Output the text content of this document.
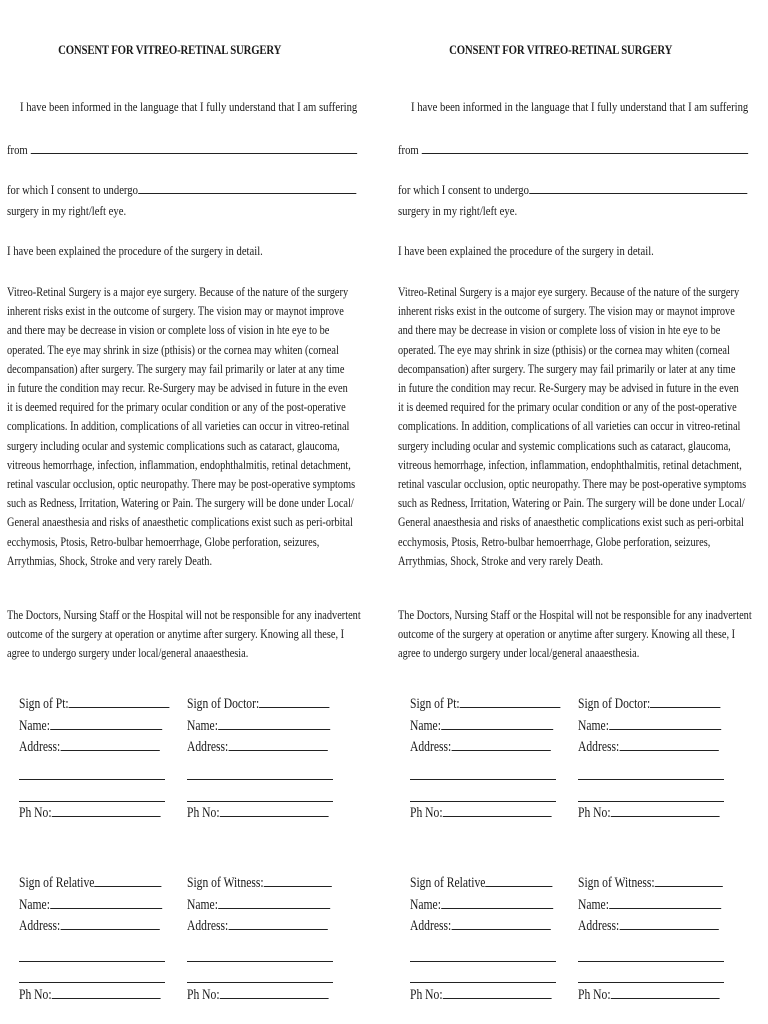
CONSENT FOR VITREO-RETINAL SURGERY
I have been informed in the language that I fully understand that I am suffering
from
for which I consent to undergo
surgery in my right/left eye.
I have been explained the procedure of the surgery in detail.
Vitreo-Retinal Surgery is a major eye surgery. Because of the nature of the surgery
inherent risks exist in the outcome of surgery. The vision may or maynot improve
and there may be decrease in vision or complete loss of vision in hte eye to be
operated. The eye may shrink in size (pthisis) or the cornea may whiten (corneal
decompansation) after surgery. The surgery may fail primarily or later at any time
in future the condition may recur. Re-Surgery may be advised in future in the even
it is deemed required for the primary ocular condition or any of the post-operative
complications. In addition, complications of all varieties can occur in vitreo-retinal
surgery including ocular and systemic complications such as cataract, glaucoma,
vitreous hemorrhage, infection, inflammation, endophthalmitis, retinal detachment,
retinal vascular occlusion, optic neuropathy. There may be post-operative symptoms
such as Redness, Irritation, Watering or Pain. The surgery will be done under Local/
General anaesthesia and risks of anaesthetic complications exist such as peri-orbital
ecchymosis, Ptosis, Retro-bulbar hemoerrhage, Globe perforation, seizures,
Arrythmias, Shock, Stroke and very rarely Death.
The Doctors, Nursing Staff or the Hospital will not be responsible for any inadvertent
outcome of the surgery at operation or anytime after surgery. Knowing all these, I
agree to undergo surgery under local/general anaaesthesia.
Sign of Pt:
Name:
Address:
Ph No:
Sign of Doctor:
Name:
Address:
Ph No:
Sign of Relative
Name:
Address:
Ph No:
Sign of Witness:
Name:
Address:
Ph No:
CONSENT FOR VITREO-RETINAL SURGERY
I have been informed in the language that I fully understand that I am suffering
from
for which I consent to undergo
surgery in my right/left eye.
I have been explained the procedure of the surgery in detail.
Vitreo-Retinal Surgery is a major eye surgery. Because of the nature of the surgery
inherent risks exist in the outcome of surgery. The vision may or maynot improve
and there may be decrease in vision or complete loss of vision in hte eye to be
operated. The eye may shrink in size (pthisis) or the cornea may whiten (corneal
decompansation) after surgery. The surgery may fail primarily or later at any time
in future the condition may recur. Re-Surgery may be advised in future in the even
it is deemed required for the primary ocular condition or any of the post-operative
complications. In addition, complications of all varieties can occur in vitreo-retinal
surgery including ocular and systemic complications such as cataract, glaucoma,
vitreous hemorrhage, infection, inflammation, endophthalmitis, retinal detachment,
retinal vascular occlusion, optic neuropathy. There may be post-operative symptoms
such as Redness, Irritation, Watering or Pain. The surgery will be done under Local/
General anaesthesia and risks of anaesthetic complications exist such as peri-orbital
ecchymosis, Ptosis, Retro-bulbar hemoerrhage, Globe perforation, seizures,
Arrythmias, Shock, Stroke and very rarely Death.
The Doctors, Nursing Staff or the Hospital will not be responsible for any inadvertent
outcome of the surgery at operation or anytime after surgery. Knowing all these, I
agree to undergo surgery under local/general anaaesthesia.
Sign of Pt:
Name:
Address:
Ph No:
Sign of Doctor:
Name:
Address:
Ph No:
Sign of Relative
Name:
Address:
Ph No:
Sign of Witness:
Name:
Address:
Ph No:
